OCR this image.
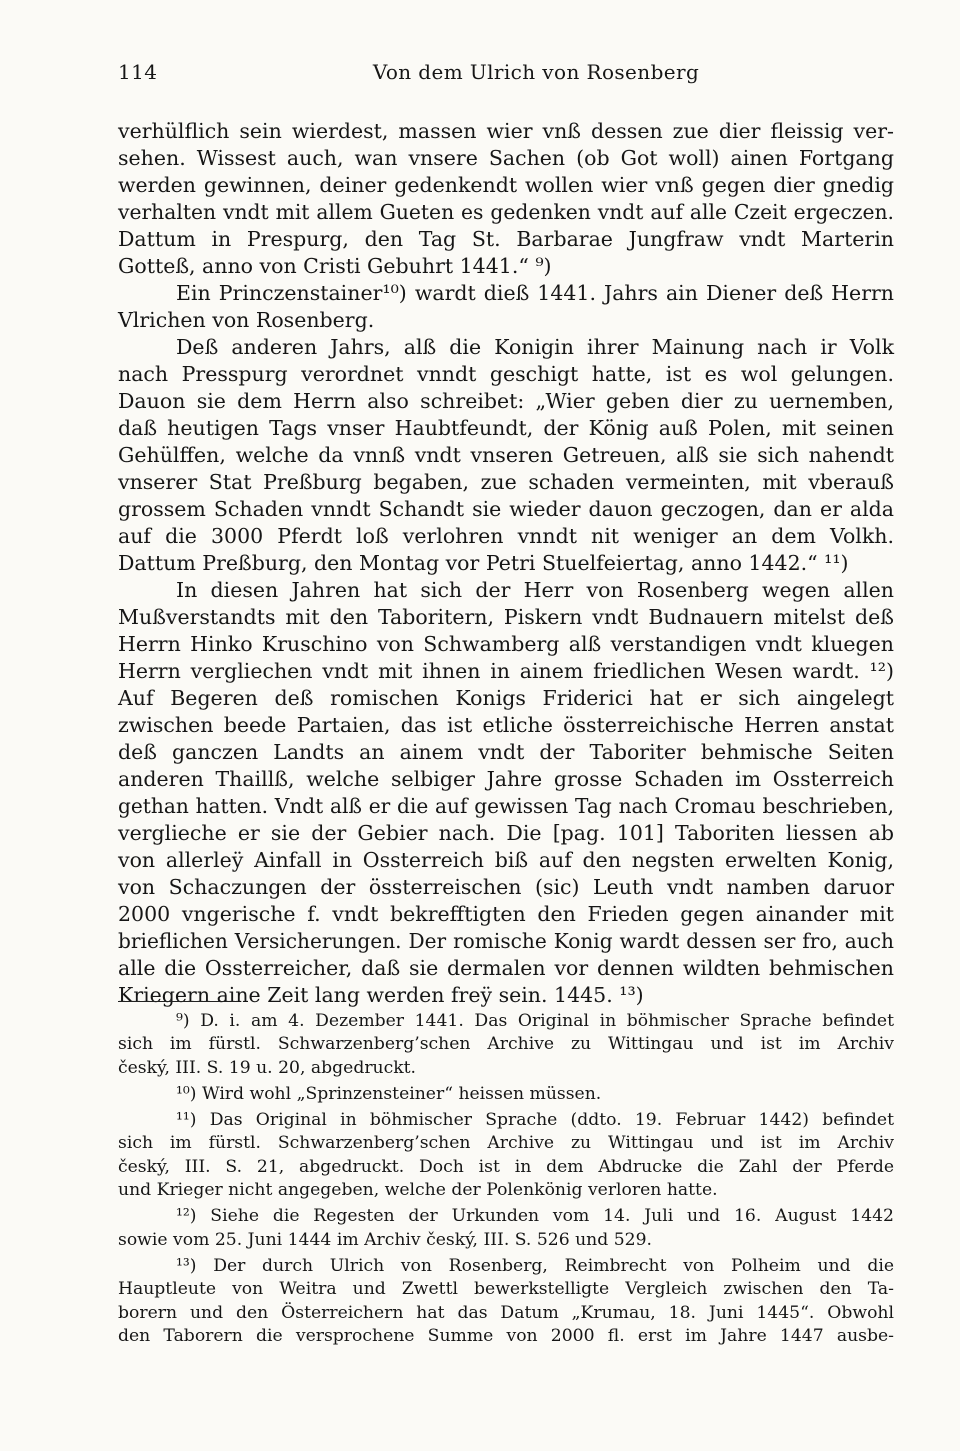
114	Von dem Ulrich von Rosenberg
verhülflich sein wierdest, massen wier vnß dessen zue dier fleissig ver-
sehen. Wissest auch, wan vnsere Sachen (ob Got woll) ainen Fortgang
werden gewinnen, deiner gedenkendt wollen wier vnß gegen dier gnedig
verhalten vndt mit allem Gueten es gedenken vndt auf alle Czeit ergeczen.
Dattum in Prespurg, den Tag St. Barbarae Jungfraw vndt Marterin
Gotteß, anno von Cristi Gebuhrt 1441.“ ⁹)
Ein Princzenstainer¹⁰) wardt dieß 1441. Jahrs ain Diener deß Herrn
Vlrichen von Rosenberg.
Deß anderen Jahrs, alß die Konigin ihrer Mainung nach ir Volk
nach Presspurg verordnet vnndt geschigt hatte, ist es wol gelungen.
Dauon sie dem Herrn also schreibet: „Wier geben dier zu uernemben,
daß heutigen Tags vnser Haubtfeundt, der König auß Polen, mit seinen
Gehülffen, welche da vnnß vndt vnseren Getreuen, alß sie sich nahendt
vnserer Stat Preßburg begaben, zue schaden vermeinten, mit vberauß
grossem Schaden vnndt Schandt sie wieder dauon geczogen, dan er alda
auf die 3000 Pferdt loß verlohren vnndt nit weniger an dem Volkh.
Dattum Preßburg, den Montag vor Petri Stuelfeiertag, anno 1442.“ ¹¹)
In diesen Jahren hat sich der Herr von Rosenberg wegen allen
Mußverstandts mit den Taboritern, Piskern vndt Budnauern mitelst deß
Herrn Hinko Kruschino von Schwamberg alß verstandigen vndt kluegen
Herrn vergliechen vndt mit ihnen in ainem friedlichen Wesen wardt. ¹²)
Auf Begeren deß romischen Konigs Friderici hat er sich aingelegt
zwischen beede Partaien, das ist etliche össterreichische Herren anstat
deß ganczen Landts an ainem vndt der Taboriter behmische Seiten
anderen Thaillß, welche selbiger Jahre grosse Schaden im Ossterreich
gethan hatten. Vndt alß er die auf gewissen Tag nach Cromau beschrieben,
verglieche er sie der Gebier nach. Die [pag. 101] Taboriten liessen ab
von allerleÿ Ainfall in Ossterreich biß auf den negsten erwelten Konig,
von Schaczungen der össterreischen (sic) Leuth vndt namben daruor
2000 vngerische f. vndt bekrefftigten den Frieden gegen ainander mit
brieflichen Versicherungen. Der romische Konig wardt dessen ser fro, auch
alle die Ossterreicher, daß sie dermalen vor dennen wildten behmischen
Kriegern aine Zeit lang werden freÿ sein. 1445. ¹³)
⁹) D. i. am 4. Dezember 1441. Das Original in böhmischer Sprache befindet
sich im fürstl. Schwarzenberg’schen Archive zu Wittingau und ist im Archiv
český, III. S. 19 u. 20, abgedruckt.
¹⁰) Wird wohl „Sprinzensteiner“ heissen müssen.
¹¹) Das Original in böhmischer Sprache (ddto. 19. Februar 1442) befindet
sich im fürstl. Schwarzenberg’schen Archive zu Wittingau und ist im Archiv
český, III. S. 21, abgedruckt. Doch ist in dem Abdrucke die Zahl der Pferde
und Krieger nicht angegeben, welche der Polenkönig verloren hatte.
¹²) Siehe die Regesten der Urkunden vom 14. Juli und 16. August 1442
sowie vom 25. Juni 1444 im Archiv český, III. S. 526 und 529.
¹³) Der durch Ulrich von Rosenberg, Reimbrecht von Polheim und die
Hauptleute von Weitra und Zwettl bewerkstelligte Vergleich zwischen den Ta-
borern und den Österreichern hat das Datum „Krumau, 18. Juni 1445“. Obwohl
den Taborern die versprochene Summe von 2000 fl. erst im Jahre 1447 ausbe-
